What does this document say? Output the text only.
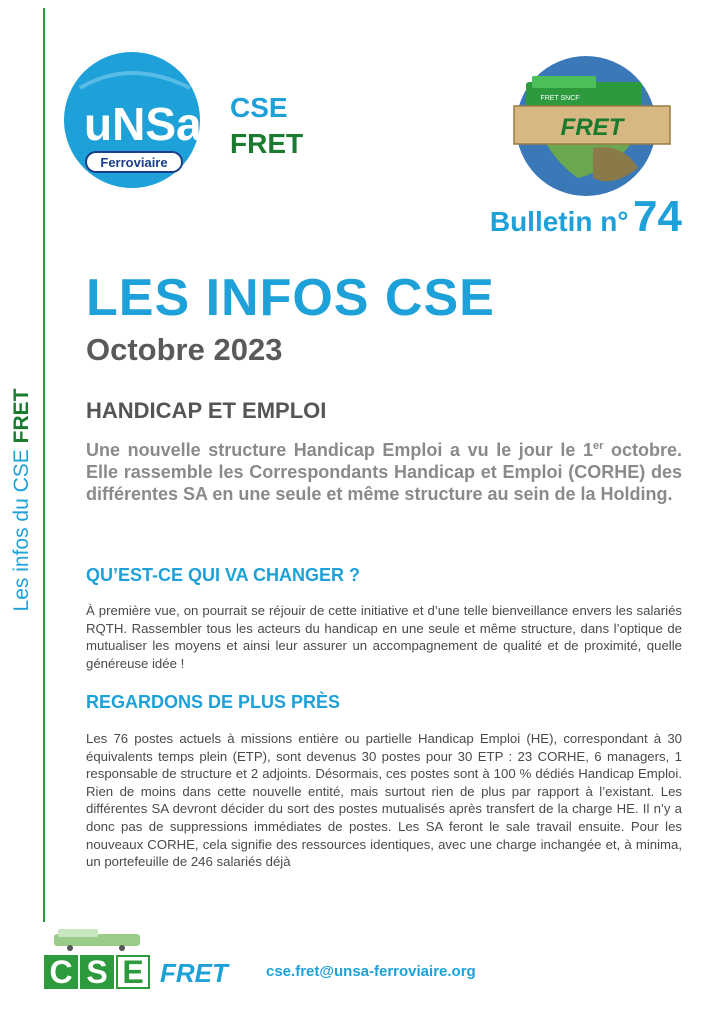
Les infos du CSE FRET
uNSa
Ferroviaire
CSE
FRET
FRET SNCF
FRET
Bulletin n° 74
LES INFOS CSE
Octobre 2023
HANDICAP ET EMPLOI

Une nouvelle structure Handicap Emploi a vu le jour le 1er octobre. Elle rassemble les Correspondants Handicap et Emploi (CORHE) des différentes SA en une seule et même structure au sein de la Holding.

QU’EST-CE QUI VA CHANGER ?

À première vue, on pourrait se réjouir de cette initiative et d’une telle bienveillance envers les salariés RQTH. Rassembler tous les acteurs du handicap en une seule et même structure, dans l’optique de mutualiser les moyens et ainsi leur assurer un accompagnement de qualité et de proximité, quelle généreuse idée !

REGARDONS DE PLUS PRÈS

Les 76 postes actuels à missions entière ou partielle Handicap Emploi (HE), correspondant à 30 équivalents temps plein (ETP), sont devenus 30 postes pour 30 ETP : 23 CORHE, 6 managers, 1 responsable de structure et 2 adjoints. Désormais, ces postes sont à 100 % dédiés Handicap Emploi. Rien de moins dans cette nouvelle entité, mais surtout rien de plus par rapport à l’existant. Les différentes SA devront décider du sort des postes mutualisés après transfert de la charge HE. Il n’y a donc pas de suppressions immédiates de postes. Les SA feront le sale travail ensuite. Pour les nouveaux CORHE, cela signifie des ressources identiques, avec une charge inchangée et, à minima, un portefeuille de 246 salariés déjà

C S E FRET	cse.fret@unsa-ferroviaire.org
